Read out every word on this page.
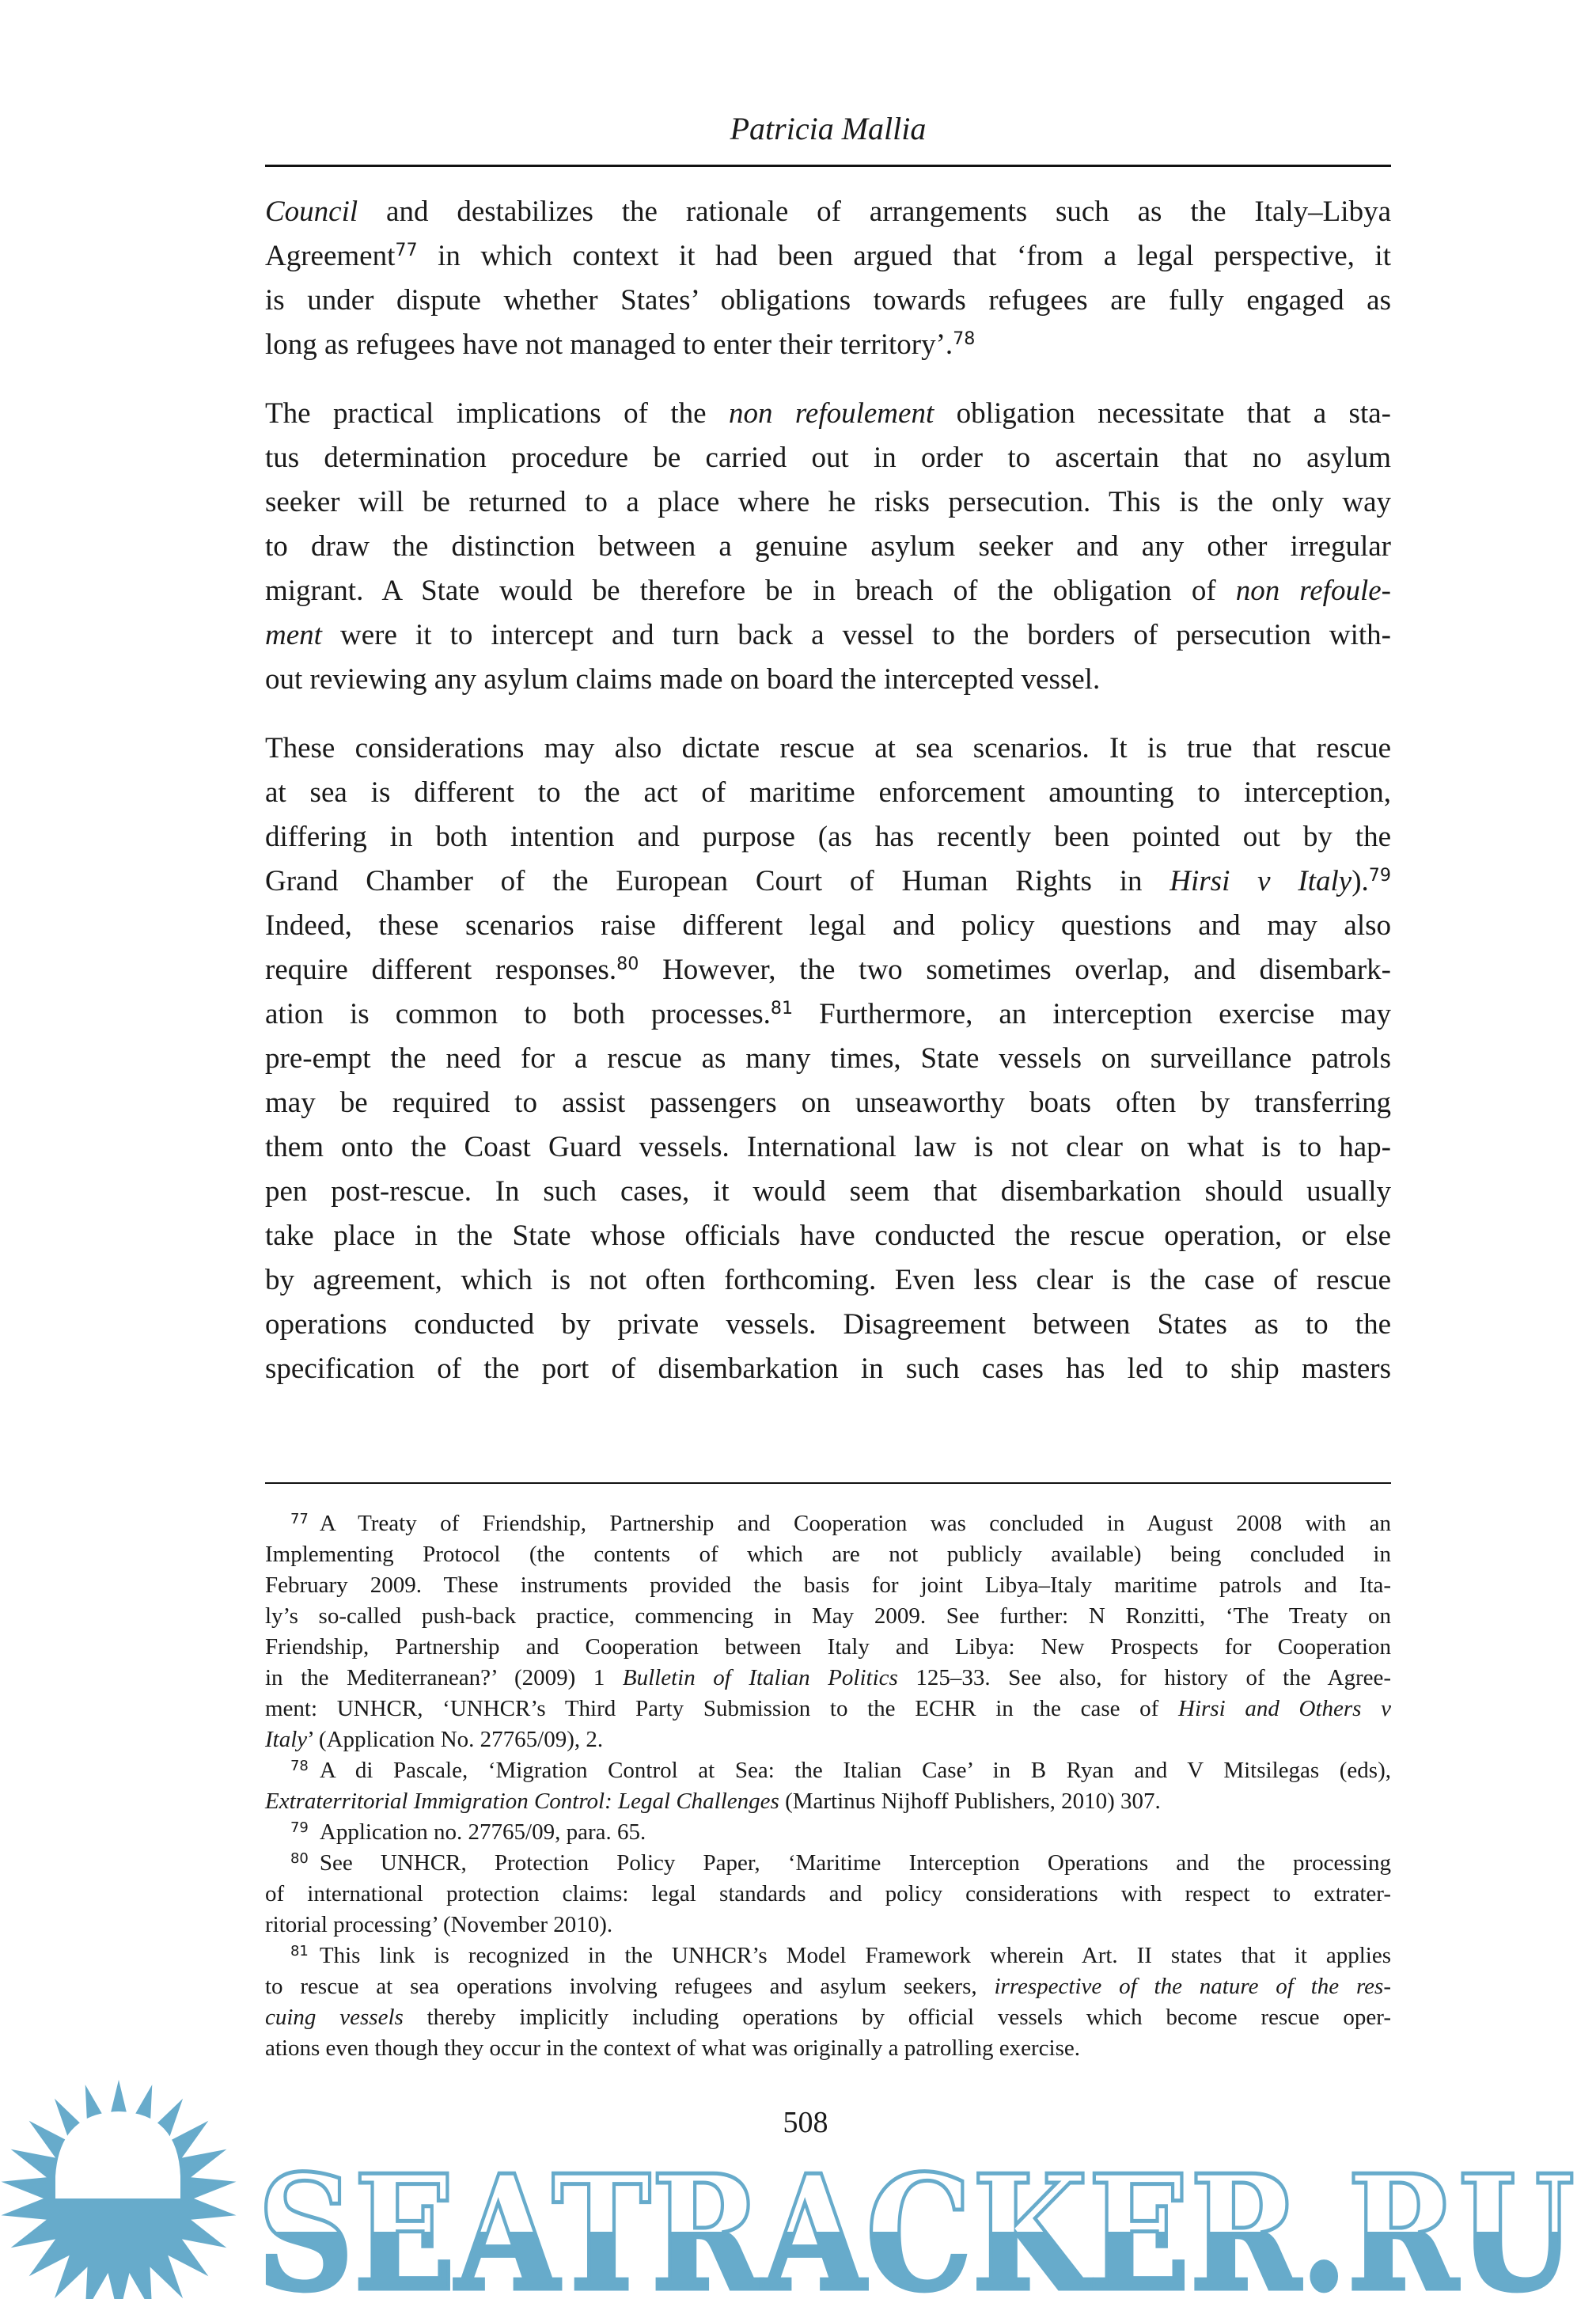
Patricia Mallia
Council and destabilizes the rationale of arrangements such as the Italy–Libya
Agreement$^{77}$ in which context it had been argued that ‘from a legal perspective, it
is under dispute whether States’ obligations towards refugees are fully engaged as
long as refugees have not managed to enter their territory’.$^{78}$
The practical implications of the non refoulement obligation necessitate that a sta-
tus determination procedure be carried out in order to ascertain that no asylum
seeker will be returned to a place where he risks persecution. This is the only way
to draw the distinction between a genuine asylum seeker and any other irregular
migrant. A State would be therefore be in breach of the obligation of non refoule-
ment were it to intercept and turn back a vessel to the borders of persecution with-
out reviewing any asylum claims made on board the intercepted vessel.
These considerations may also dictate rescue at sea scenarios. It is true that rescue
at sea is different to the act of maritime enforcement amounting to interception,
differing in both intention and purpose (as has recently been pointed out by the
Grand Chamber of the European Court of Human Rights in Hirsi v Italy).$^{79}$
Indeed, these scenarios raise different legal and policy questions and may also
require different responses.$^{80}$ However, the two sometimes overlap, and disembark-
ation is common to both processes.$^{81}$ Furthermore, an interception exercise may
pre-empt the need for a rescue as many times, State vessels on surveillance patrols
may be required to assist passengers on unseaworthy boats often by transferring
them onto the Coast Guard vessels. International law is not clear on what is to hap-
pen post-rescue. In such cases, it would seem that disembarkation should usually
take place in the State whose officials have conducted the rescue operation, or else
by agreement, which is not often forthcoming. Even less clear is the case of rescue
operations conducted by private vessels. Disagreement between States as to the
specification of the port of disembarkation in such cases has led to ship masters
$^{77}$ A Treaty of Friendship, Partnership and Cooperation was concluded in August 2008 with an
Implementing Protocol (the contents of which are not publicly available) being concluded in
February 2009. These instruments provided the basis for joint Libya–Italy maritime patrols and Ita-
ly’s so-called push-back practice, commencing in May 2009. See further: N Ronzitti, ‘The Treaty on
Friendship, Partnership and Cooperation between Italy and Libya: New Prospects for Cooperation
in the Mediterranean?’ (2009) 1 Bulletin of Italian Politics 125–33. See also, for history of the Agree-
ment: UNHCR, ‘UNHCR’s Third Party Submission to the ECHR in the case of Hirsi and Others v
Italy’ (Application No. 27765/09), 2.
$^{78}$ A di Pascale, ‘Migration Control at Sea: the Italian Case’ in B Ryan and V Mitsilegas (eds),
Extraterritorial Immigration Control: Legal Challenges (Martinus Nijhoff Publishers, 2010) 307.
$^{79}$ Application no. 27765/09, para. 65.
$^{80}$ See UNHCR, Protection Policy Paper, ‘Maritime Interception Operations and the processing
of international protection claims: legal standards and policy considerations with respect to extrater-
ritorial processing’ (November 2010).
$^{81}$ This link is recognized in the UNHCR’s Model Framework wherein Art. II states that it applies
to rescue at sea operations involving refugees and asylum seekers, irrespective of the nature of the res-
cuing vessels thereby implicitly including operations by official vessels which become rescue oper-
ations even though they occur in the context of what was originally a patrolling exercise.
SEATRACKER.RU
508
